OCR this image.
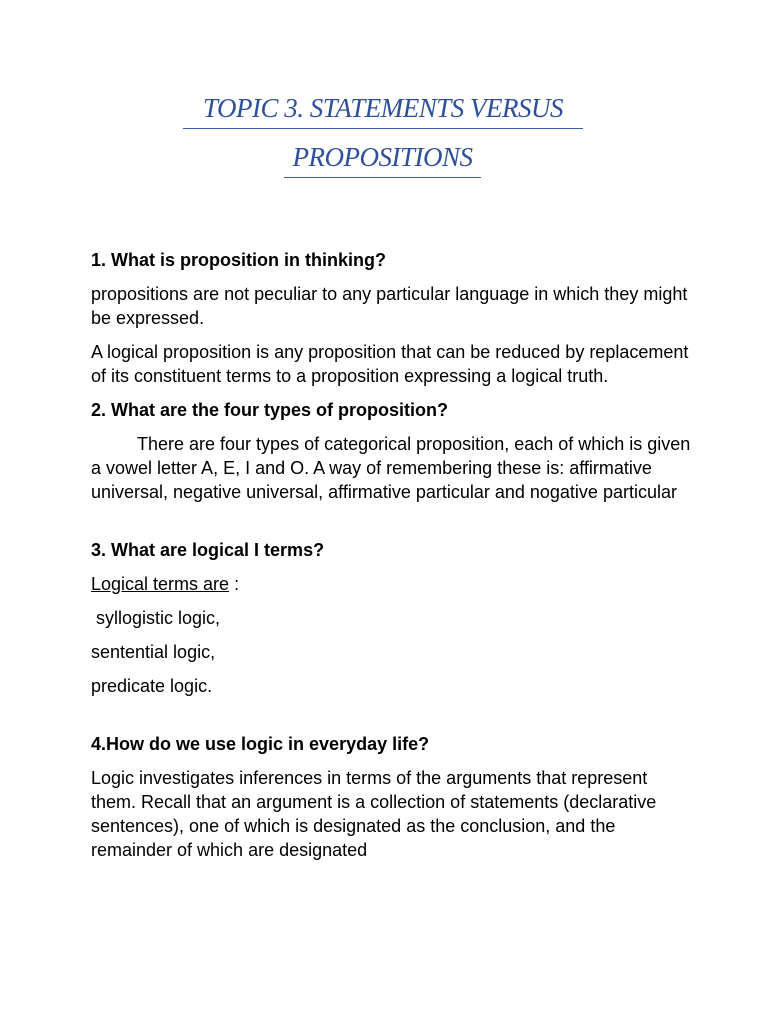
TOPIC 3. STATEMENTS VERSUS
PROPOSITIONS

1. What is proposition in thinking?

propositions are not peculiar to any particular language in which they might be expressed.

A logical proposition is any proposition that can be reduced by replacement of its constituent terms to a proposition expressing a logical truth.

2. What are the four types of proposition?

There are four types of categorical proposition, each of which is given a vowel letter A, E, I and O. A way of remembering these is: affirmative universal, negative universal, affirmative particular and nogative particular

3. What are logical I terms?

Logical terms are :

syllogistic logic,

sentential logic,

predicate logic.

4.How do we use logic in everyday life?

Logic investigates inferences in terms of the arguments that represent them. Recall that an argument is a collection of statements (declarative sentences), one of which is designated as the conclusion, and the remainder of which are designated
